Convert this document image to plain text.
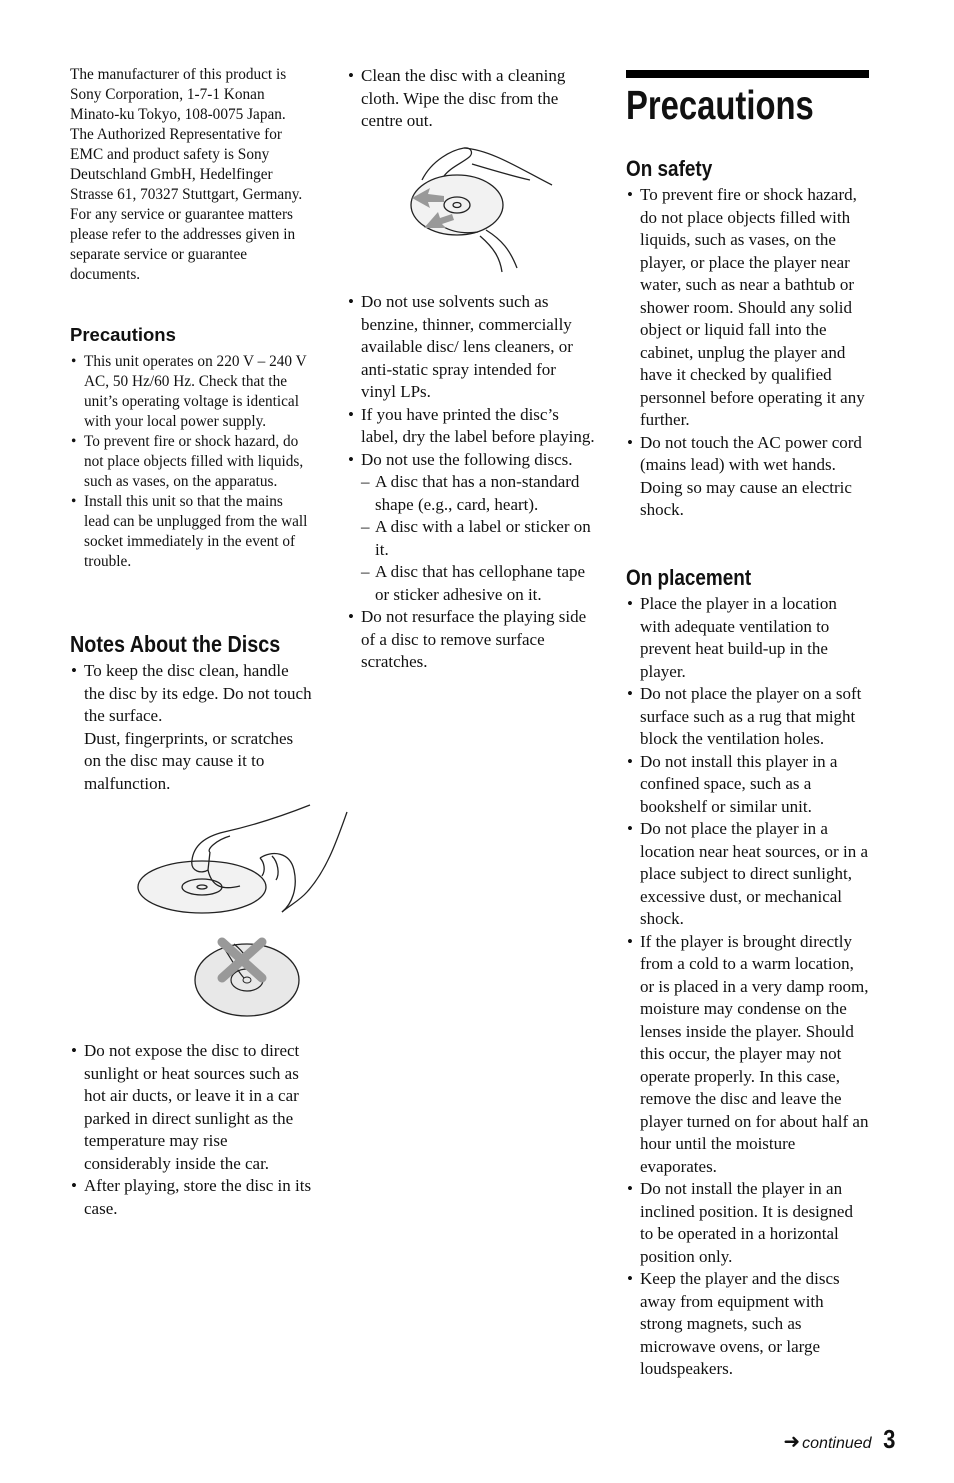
The manufacturer of this product is Sony Corporation, 1-7-1 Konan Minato-ku Tokyo, 108-0075 Japan. The Authorized Representative for EMC and product safety is Sony Deutschland GmbH, Hedelfinger Strasse 61, 70327 Stuttgart, Germany. For any service or guarantee matters please refer to the addresses given in separate service or guarantee documents.

Precautions
• This unit operates on 220 V – 240 V AC, 50 Hz/60 Hz. Check that the unit’s operating voltage is identical with your local power supply.
• To prevent fire or shock hazard, do not place objects filled with liquids, such as vases, on the apparatus.
• Install this unit so that the mains lead can be unplugged from the wall socket immediately in the event of trouble.
Notes About the Discs
• To keep the disc clean, handle the disc by its edge. Do not touch the surface.
Dust, fingerprints, or scratches on the disc may cause it to malfunction.
• Do not expose the disc to direct sunlight or heat sources such as hot air ducts, or leave it in a car parked in direct sunlight as the temperature may rise considerably inside the car.
• After playing, store the disc in its case.
• Clean the disc with a cleaning cloth. Wipe the disc from the centre out.
• Do not use solvents such as benzine, thinner, commercially available disc/ lens cleaners, or anti-static spray intended for vinyl LPs.
• If you have printed the disc’s label, dry the label before playing.
• Do not use the following discs.
– A disc that has a non-standard shape (e.g., card, heart).
– A disc with a label or sticker on it.
– A disc that has cellophane tape or sticker adhesive on it.
• Do not resurface the playing side of a disc to remove surface scratches.
Precautions
On safety
• To prevent fire or shock hazard, do not place objects filled with liquids, such as vases, on the player, or place the player near water, such as near a bathtub or shower room. Should any solid object or liquid fall into the cabinet, unplug the player and have it checked by qualified personnel before operating it any further.
• Do not touch the AC power cord (mains lead) with wet hands. Doing so may cause an electric shock.
On placement
• Place the player in a location with adequate ventilation to prevent heat build-up in the player.
• Do not place the player on a soft surface such as a rug that might block the ventilation holes.
• Do not install this player in a confined space, such as a bookshelf or similar unit.
• Do not place the player in a location near heat sources, or in a place subject to direct sunlight, excessive dust, or mechanical shock.
• If the player is brought directly from a cold to a warm location, or is placed in a very damp room, moisture may condense on the lenses inside the player. Should this occur, the player may not operate properly. In this case, remove the disc and leave the player turned on for about half an hour until the moisture evaporates.
• Do not install the player in an inclined position. It is designed to be operated in a horizontal position only.
• Keep the player and the discs away from equipment with strong magnets, such as microwave ovens, or large loudspeakers.
➜ continued 3
